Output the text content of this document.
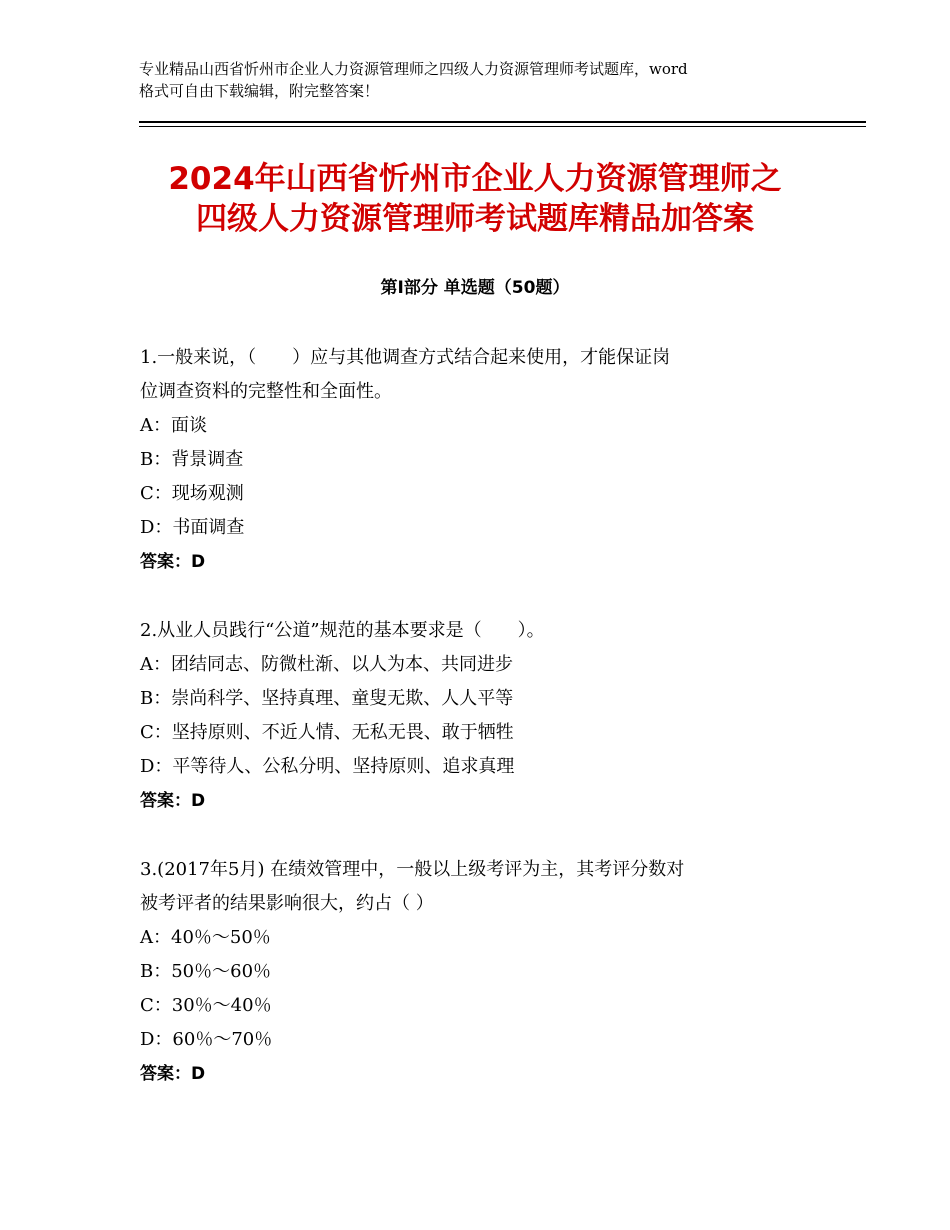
专业精品山西省忻州市企业人力资源管理师之四级人力资源管理师考试题库，word
格式可自由下载编辑，附完整答案！
2024年山西省忻州市企业人力资源管理师之
四级人力资源管理师考试题库精品加答案
第Ⅰ部分 单选题（50题）
1.一般来说，（　　）应与其他调查方式结合起来使用，才能保证岗
位调查资料的完整性和全面性。
A：面谈
B：背景调查
C：现场观测
D：书面调查
答案：D
2.从业人员践行“公道”规范的基本要求是（　　）。
A：团结同志、防微杜渐、以人为本、共同进步
B：崇尚科学、坚持真理、童叟无欺、人人平等
C：坚持原则、不近人情、无私无畏、敢于牺牲
D：平等待人、公私分明、坚持原则、追求真理
答案：D
3.(2017年5月) 在绩效管理中，一般以上级考评为主，其考评分数对
被考评者的结果影响很大，约占（ ）
A：40％～50％
B：50％～60％
C：30％～40％
D：60％～70％
答案：D
